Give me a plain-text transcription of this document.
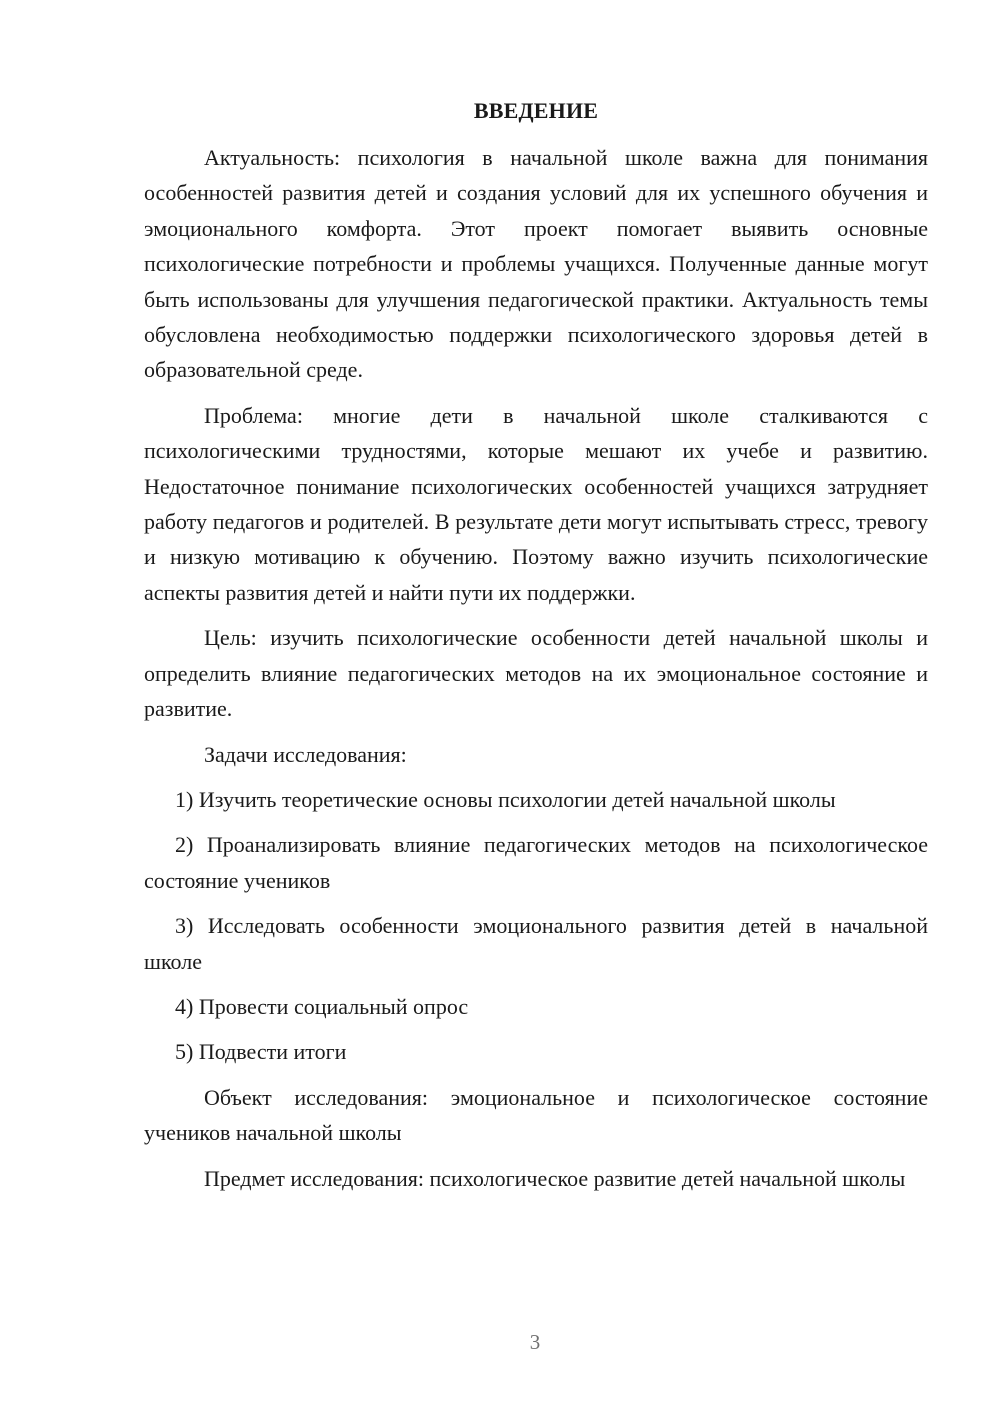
ВВЕДЕНИЕ

Актуальность: психология в начальной школе важна для понимания особенностей развития детей и создания условий для их успешного обучения и эмоционального комфорта. Этот проект помогает выявить основные психологические потребности и проблемы учащихся. Полученные данные могут быть использованы для улучшения педагогической практики. Актуальность темы обусловлена необходимостью поддержки психологического здоровья детей в образовательной среде.

Проблема: многие дети в начальной школе сталкиваются с психологическими трудностями, которые мешают их учебе и развитию. Недостаточное понимание психологических особенностей учащихся затрудняет работу педагогов и родителей. В результате дети могут испытывать стресс, тревогу и низкую мотивацию к обучению. Поэтому важно изучить психологические аспекты развития детей и найти пути их поддержки.

Цель: изучить психологические особенности детей начальной школы и определить влияние педагогических методов на их эмоциональное состояние и развитие.

Задачи исследования:

1) Изучить теоретические основы психологии детей начальной школы

2) Проанализировать влияние педагогических методов на психологическое состояние учеников

3) Исследовать особенности эмоционального развития детей в начальной школе

4) Провести социальный опрос

5) Подвести итоги

Объект исследования: эмоциональное и психологическое состояние учеников начальной школы

Предмет исследования: психологическое развитие детей начальной школы

3
